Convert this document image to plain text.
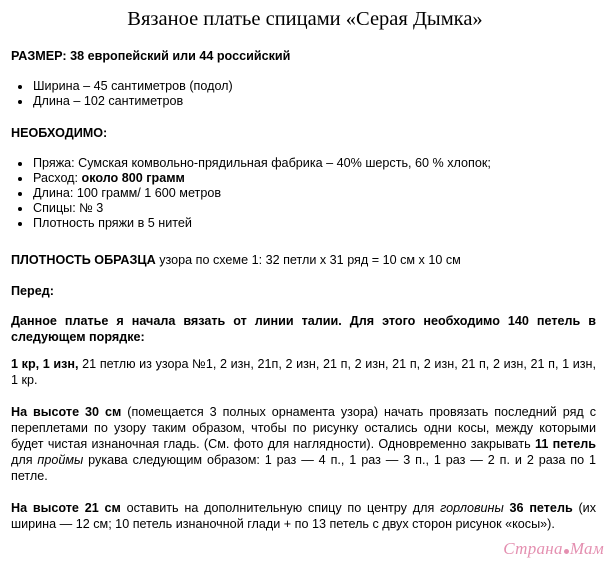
Вязаное платье спицами «Серая Дымка»

РАЗМЕР: 38 европейский или 44 российский

Ширина – 45 сантиметров (подол)
Длина – 102 сантиметров

НЕОБХОДИМО:

Пряжа: Сумская комвольно-прядильная фабрика – 40% шерсть, 60 % хлопок;
Расход: около 800 грамм
Длина: 100 грамм/ 1 600 метров
Спицы: № 3
Плотность пряжи в 5 нитей

ПЛОТНОСТЬ ОБРАЗЦА узора по схеме 1: 32 петли х 31 ряд = 10 см х 10 см

Перед:

Данное платье я начала вязать от линии талии. Для этого необходимо 140 петель в следующем порядке:

1 кр, 1 изн, 21 петлю из узора №1, 2 изн, 21п, 2 изн, 21 п, 2 изн, 21 п, 2 изн, 21 п, 2 изн, 21 п, 1 изн, 1 кр.

На высоте 30 см (помещается 3 полных орнамента узора) начать провязать последний ряд с переплетами по узору таким образом, чтобы по рисунку остались одни косы, между которыми будет чистая изнаночная гладь. (См. фото для наглядности). Одновременно закрывать 11 петель для проймы рукава следующим образом: 1 раз — 4 п., 1 раз — 3 п., 1 раз — 2 п. и 2 раза по 1 петле.

На высоте 21 см оставить на дополнительную спицу по центру для горловины 36 петель (их ширина — 12 см; 10 петель изнаночной глади + по 13 петель с двух сторон рисунок «косы»).

Страна Мам
